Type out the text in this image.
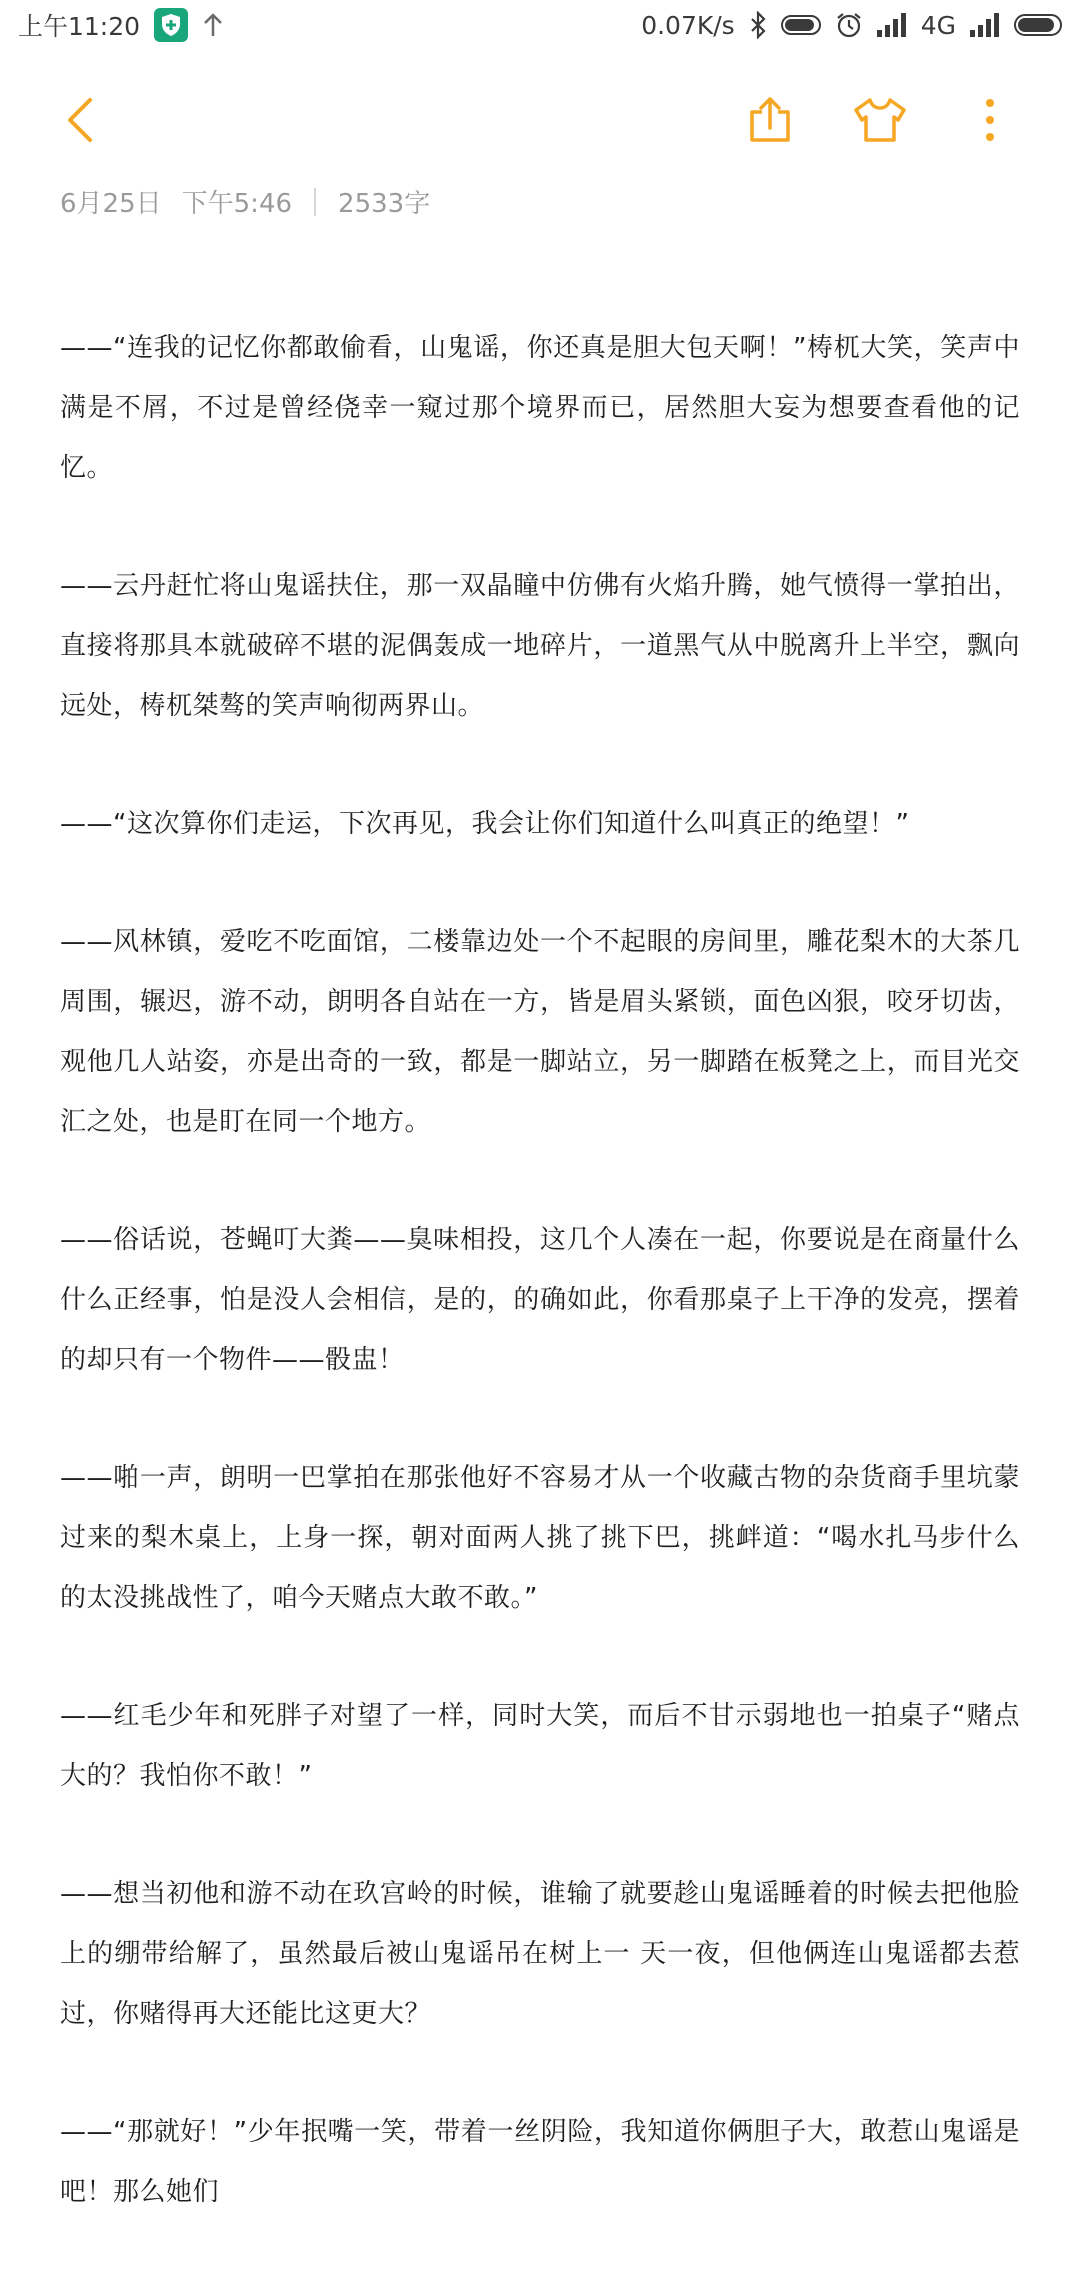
上午11:20	0.07K/s	4G
6月25日 下午5:46 2533字

——“连我的记忆你都敢偷看，山鬼谣，你还真是胆大包天啊！”梼杌大笑，笑声中满是不屑，不过是曾经侥幸一窥过那个境界而已，居然胆大妄为想要查看他的记忆。

——云丹赶忙将山鬼谣扶住，那一双晶瞳中仿佛有火焰升腾，她气愤得一掌拍出，直接将那具本就破碎不堪的泥偶轰成一地碎片，一道黑气从中脱离升上半空，飘向远处，梼杌桀骜的笑声响彻两界山。

——“这次算你们走运，下次再见，我会让你们知道什么叫真正的绝望！”

——风林镇，爱吃不吃面馆，二楼靠边处一个不起眼的房间里，雕花梨木的大茶几周围，辗迟，游不动，朗明各自站在一方，皆是眉头紧锁，面色凶狠，咬牙切齿，观他几人站姿，亦是出奇的一致，都是一脚站立，另一脚踏在板凳之上，而目光交汇之处，也是盯在同一个地方。

——俗话说，苍蝇叮大粪——臭味相投，这几个人凑在一起，你要说是在商量什么什么正经事，怕是没人会相信，是的，的确如此，你看那桌子上干净的发亮，摆着的却只有一个物件——骰盅！

——啪一声，朗明一巴掌拍在那张他好不容易才从一个收藏古物的杂货商手里坑蒙过来的梨木桌上，上身一探，朝对面两人挑了挑下巴，挑衅道：“喝水扎马步什么的太没挑战性了，咱今天赌点大敢不敢。”

——红毛少年和死胖子对望了一样，同时大笑，而后不甘示弱地也一拍桌子“赌点大的？我怕你不敢！”

——想当初他和游不动在玖宫岭的时候，谁输了就要趁山鬼谣睡着的时候去把他脸上的绷带给解了，虽然最后被山鬼谣吊在树上一 天一夜，但他俩连山鬼谣都去惹过，你赌得再大还能比这更大？

——“那就好！”少年抿嘴一笑，带着一丝阴险，我知道你俩胆子大，敢惹山鬼谣是吧！那么她们
